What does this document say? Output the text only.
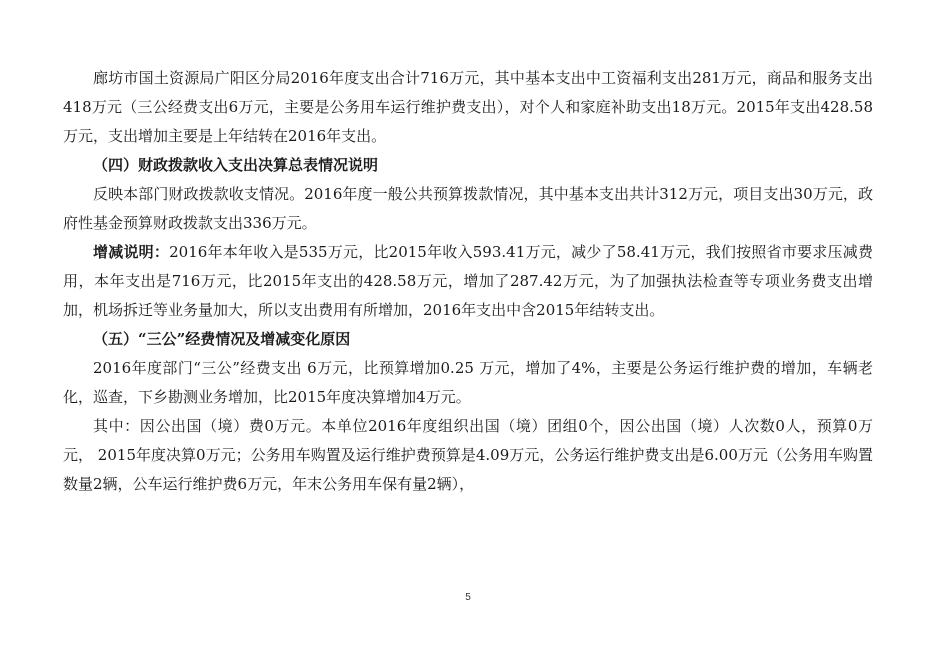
廊坊市国土资源局广阳区分局2016年度支出合计716万元，其中基本支出中工资福利支出281万元，商品和服务支出418万元（三公经费支出6万元，主要是公务用车运行维护费支出），对个人和家庭补助支出18万元。2015年支出428.58万元，支出增加主要是上年结转在2016年支出。

（四）财政拨款收入支出决算总表情况说明

反映本部门财政拨款收支情况。2016年度一般公共预算拨款情况，其中基本支出共计312万元，项目支出30万元，政府性基金预算财政拨款支出336万元。

增减说明：2016年本年收入是535万元，比2015年收入593.41万元，减少了58.41万元，我们按照省市要求压减费用，本年支出是716万元，比2015年支出的428.58万元，增加了287.42万元，为了加强执法检查等专项业务费支出增加，机场拆迁等业务量加大，所以支出费用有所增加，2016年支出中含2015年结转支出。

（五）“三公”经费情况及增减变化原因

2016年度部门“三公”经费支出 6万元，比预算增加0.25 万元，增加了4%，主要是公务运行维护费的增加，车辆老化，巡查，下乡勘测业务增加，比2015年度决算增加4万元。

其中：因公出国（境）费0万元。本单位2016年度组织出国（境）团组0个，因公出国（境）人次数0人，预算0万元， 2015年度决算0万元；公务用车购置及运行维护费预算是4.09万元，公务运行维护费支出是6.00万元（公务用车购置数量2辆，公车运行维护费6万元，年末公务用车保有量2辆），

5
